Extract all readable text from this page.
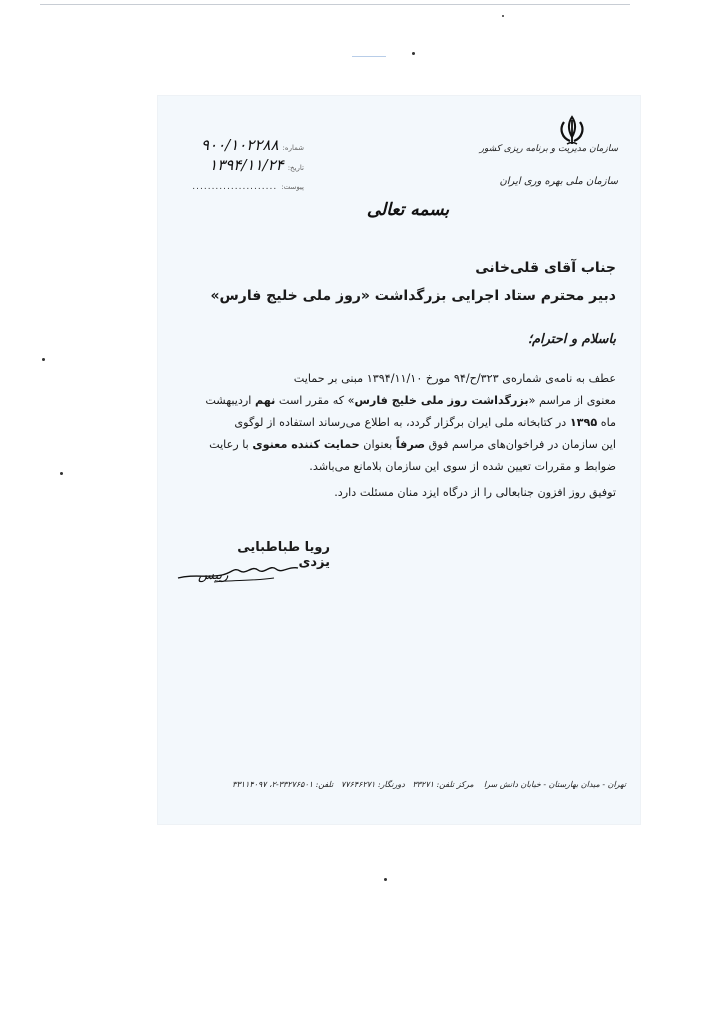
سازمان مدیریت و برنامه ریزی کشور
سازمان ملی بهره وری ایران
شماره:
۹۰۰/۱۰۲۲۸۸
تاریخ:
۱۳۹۴/۱۱/۲۴
پیوست:
......................
بسمه تعالی
جناب آقای قلی‌خانی
دبیر محترم ستاد اجرایی بزرگداشت «روز ملی خلیج فارس»
باسلام و احترام؛
عطف به نامه‌ی شماره‌ی ۳۲۳/ح/۹۴ مورخ ۱۳۹۴/۱۱/۱۰ مبنی بر حمایت
معنوی از مراسم «بزرگداشت روز ملی خلیج فارس» که مقرر است نهم اردیبهشت
ماه ۱۳۹۵ در کتابخانه ملی ایران برگزار گردد، به اطلاع می‌رساند استفاده از لوگوی
این سازمان در فراخوان‌های مراسم فوق صرفاً بعنوان حمایت کننده معنوی با رعایت
ضوابط و مقررات تعیین شده از سوی این سازمان بلامانع می‌باشد.
توفیق روز افزون جنابعالی را از درگاه ایزد منان مسئلت دارد.
رویا طباطبایی یزدی
رییس
تهران - میدان بهارستان - خیابان دانش سرا    مرکز تلفن: ۳۳۲۷۱   دورنگار: ۷۷۶۴۶۲۷۱   تلفن: ۳۳۲۷۶۵۰۱-۲، ۳۳۱۱۴۰۹۷
